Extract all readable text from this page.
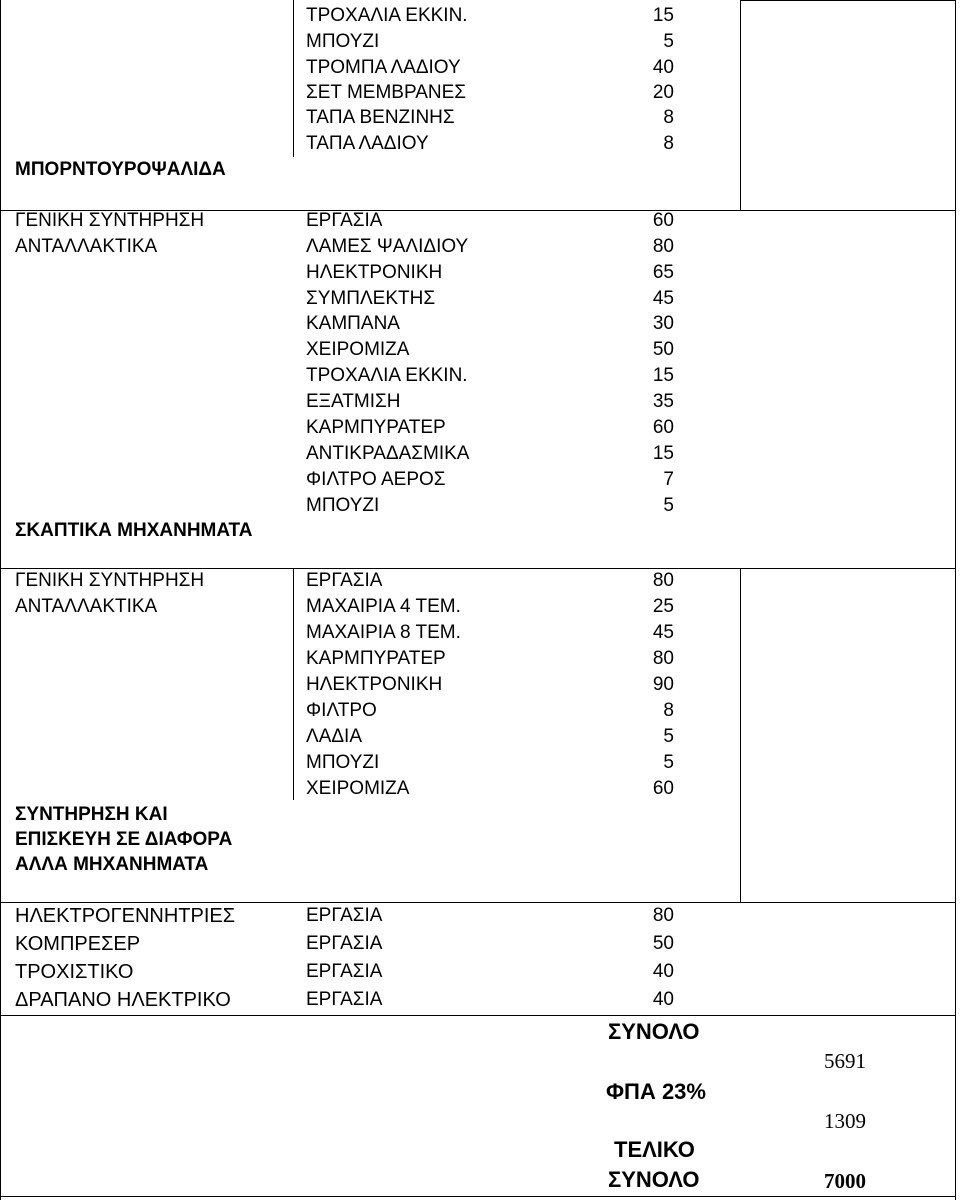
ΤΡΟΧΑΛΙΑ ΕΚΚΙΝ.	15
ΜΠΟΥΖΙ	5
ΤΡΟΜΠΑ ΛΑΔΙΟΥ	40
ΣΕΤ ΜΕΜΒΡΑΝΕΣ	20
ΤΑΠΑ ΒΕΝΖΙΝΗΣ	8
ΤΑΠΑ ΛΑΔΙΟΥ	8
ΜΠΟΡΝΤΟΥΡΟΨΑΛΙΔΑ
ΓΕΝΙΚΗ ΣΥΝΤΗΡΗΣΗ
ΑΝΤΑΛΛΑΚΤΙΚΑ
ΕΡΓΑΣΙΑ	60
ΛΑΜΕΣ ΨΑΛΙΔΙΟΥ	80
ΗΛΕΚΤΡΟΝΙΚΗ	65
ΣΥΜΠΛΕΚΤΗΣ	45
ΚΑΜΠΑΝΑ	30
ΧΕΙΡΟΜΙΖΑ	50
ΤΡΟΧΑΛΙΑ ΕΚΚΙΝ.	15
ΕΞΑΤΜΙΣΗ	35
ΚΑΡΜΠΥΡΑΤΕΡ	60
ΑΝΤΙΚΡΑΔΑΣΜΙΚΑ	15
ΦΙΛΤΡΟ ΑΕΡΟΣ	7
ΜΠΟΥΖΙ	5
ΣΚΑΠΤΙΚΑ ΜΗΧΑΝΗΜΑΤΑ
ΓΕΝΙΚΗ ΣΥΝΤΗΡΗΣΗ
ΑΝΤΑΛΛΑΚΤΙΚΑ
ΕΡΓΑΣΙΑ	80
ΜΑΧΑΙΡΙΑ 4 ΤΕΜ.	25
ΜΑΧΑΙΡΙΑ 8 ΤΕΜ.	45
ΚΑΡΜΠΥΡΑΤΕΡ	80
ΗΛΕΚΤΡΟΝΙΚΗ	90
ΦΙΛΤΡΟ	8
ΛΑΔΙΑ	5
ΜΠΟΥΖΙ	5
ΧΕΙΡΟΜΙΖΑ	60
ΣΥΝΤΗΡΗΣΗ ΚΑΙ
ΕΠΙΣΚΕΥΗ ΣΕ ΔΙΑΦΟΡΑ
ΑΛΛΑ ΜΗΧΑΝΗΜΑΤΑ
ΗΛΕΚΤΡΟΓΕΝΝΗΤΡΙΕΣ	ΕΡΓΑΣΙΑ	80
ΚΟΜΠΡΕΣΕΡ	ΕΡΓΑΣΙΑ	50
ΤΡΟΧΙΣΤΙΚΟ	ΕΡΓΑΣΙΑ	40
ΔΡΑΠΑΝΟ ΗΛΕΚΤΡΙΚΟ	ΕΡΓΑΣΙΑ	40
ΣΥΝΟΛΟ
5691
ΦΠΑ 23%
1309
ΤΕΛΙΚΟ
ΣΥΝΟΛΟ	7000
